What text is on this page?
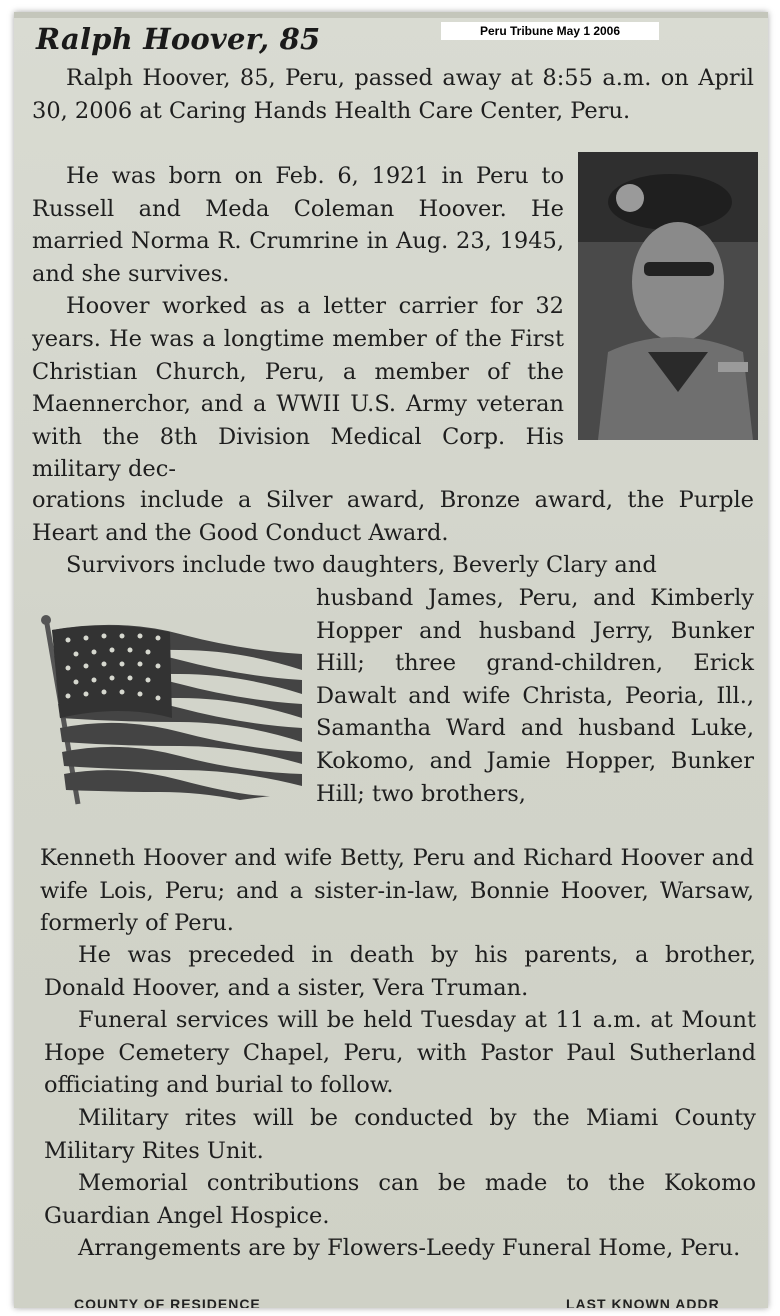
Peru Tribune May 1 2006
Ralph Hoover, 85

Ralph Hoover, 85, Peru, passed away at 8:55 a.m. on April 30, 2006 at Caring Hands Health Care Center, Peru.

He was born on Feb. 6, 1921 in Peru to Russell and Meda Coleman Hoover. He married Norma R. Crumrine in Aug. 23, 1945, and she survives.

Hoover worked as a letter carrier for 32 years. He was a longtime member of the First Christian Church, Peru, a member of the Maennerchor, and a WWII U.S. Army veteran with the 8th Division Medical Corp. His military dec-

orations include a Silver award, Bronze award, the Purple Heart and the Good Conduct Award.

Survivors include two daughters, Beverly Clary and

husband James, Peru, and Kimberly Hopper and husband Jerry, Bunker Hill; three grand-children, Erick Dawalt and wife Christa, Peoria, Ill., Samantha Ward and husband Luke, Kokomo, and Jamie Hopper, Bunker Hill; two brothers,

Kenneth Hoover and wife Betty, Peru and Richard Hoover and wife Lois, Peru; and a sister-in-law, Bonnie Hoover, Warsaw, formerly of Peru.

He was preceded in death by his parents, a brother, Donald Hoover, and a sister, Vera Truman.

Funeral services will be held Tuesday at 11 a.m. at Mount Hope Cemetery Chapel, Peru, with Pastor Paul Sutherland officiating and burial to follow.

Military rites will be conducted by the Miami County Military Rites Unit.

Memorial contributions can be made to the Kokomo Guardian Angel Hospice.

Arrangements are by Flowers-Leedy Funeral Home, Peru.

COUNTY OF RESIDENCE	LAST KNOWN ADDR
